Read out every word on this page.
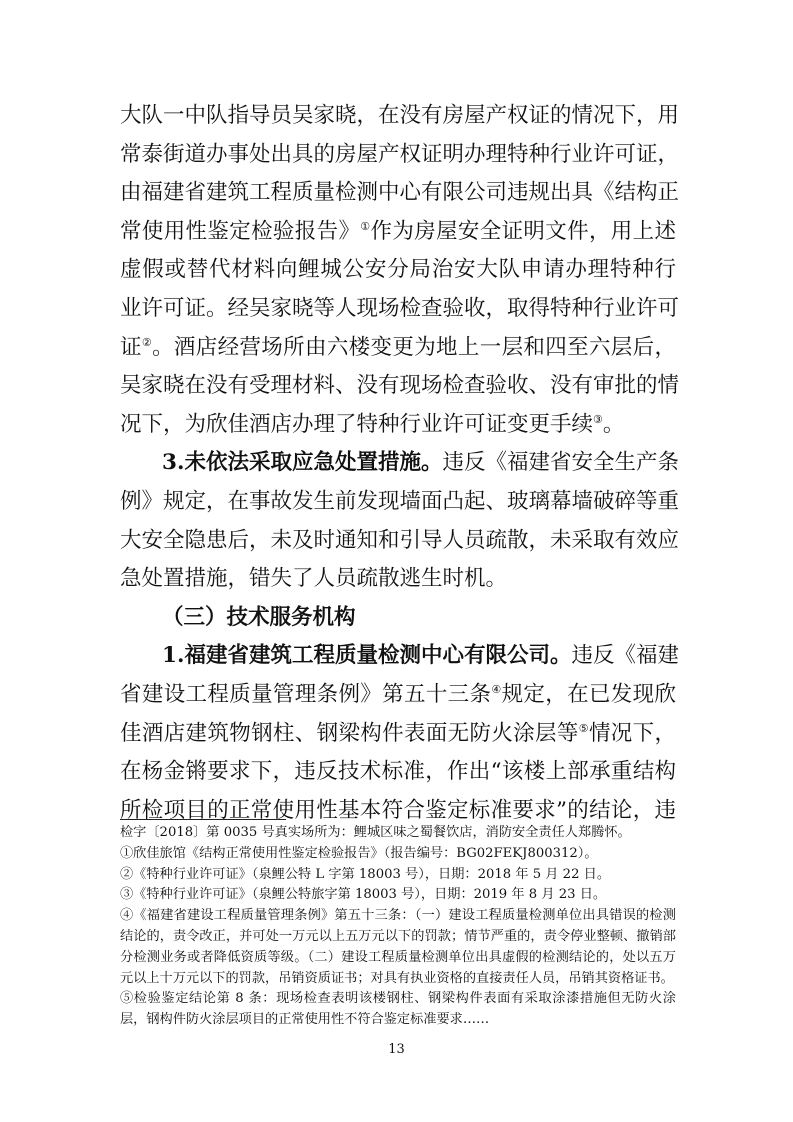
大队一中队指导员吴家晓，在没有房屋产权证的情况下，用
常泰街道办事处出具的房屋产权证明办理特种行业许可证，
由福建省建筑工程质量检测中心有限公司违规出具《结构正
常使用性鉴定检验报告》①作为房屋安全证明文件，用上述
虚假或替代材料向鲤城公安分局治安大队申请办理特种行
业许可证。经吴家晓等人现场检查验收，取得特种行业许可
证②。酒店经营场所由六楼变更为地上一层和四至六层后，
吴家晓在没有受理材料、没有现场检查验收、没有审批的情
况下，为欣佳酒店办理了特种行业许可证变更手续③。
3.未依法采取应急处置措施。违反《福建省安全生产条
例》规定，在事故发生前发现墙面凸起、玻璃幕墙破碎等重
大安全隐患后，未及时通知和引导人员疏散，未采取有效应
急处置措施，错失了人员疏散逃生时机。
（三）技术服务机构
1.福建省建筑工程质量检测中心有限公司。违反《福建
省建设工程质量管理条例》第五十三条④规定，在已发现欣
佳酒店建筑物钢柱、钢梁构件表面无防火涂层等⑤情况下，
在杨金锵要求下，违反技术标准，作出“该楼上部承重结构
所检项目的正常使用性基本符合鉴定标准要求”的结论，违
检字〔2018〕第 0035 号真实场所为：鲤城区味之蜀餐饮店，消防安全责任人郑腾怀。
①欣佳旅馆《结构正常使用性鉴定检验报告》（报告编号：BG02FEKJ800312）。
②《特种行业许可证》（泉鲤公特 L 字第 18003 号），日期：2018 年 5 月 22 日。
③《特种行业许可证》（泉鲤公特旅字第 18003 号），日期：2019 年 8 月 23 日。
④《福建省建设工程质量管理条例》第五十三条：（一）建设工程质量检测单位出具错误的检测结论的，责令改正，并可处一万元以上五万元以下的罚款；情节严重的，责令停业整顿、撤销部分检测业务或者降低资质等级。（二）建设工程质量检测单位出具虚假的检测结论的，处以五万元以上十万元以下的罚款，吊销资质证书；对具有执业资格的直接责任人员，吊销其资格证书。
⑤检验鉴定结论第 8 条：现场检查表明该楼钢柱、钢梁构件表面有采取涂漆措施但无防火涂层，钢构件防火涂层项目的正常使用性不符合鉴定标准要求……
13
